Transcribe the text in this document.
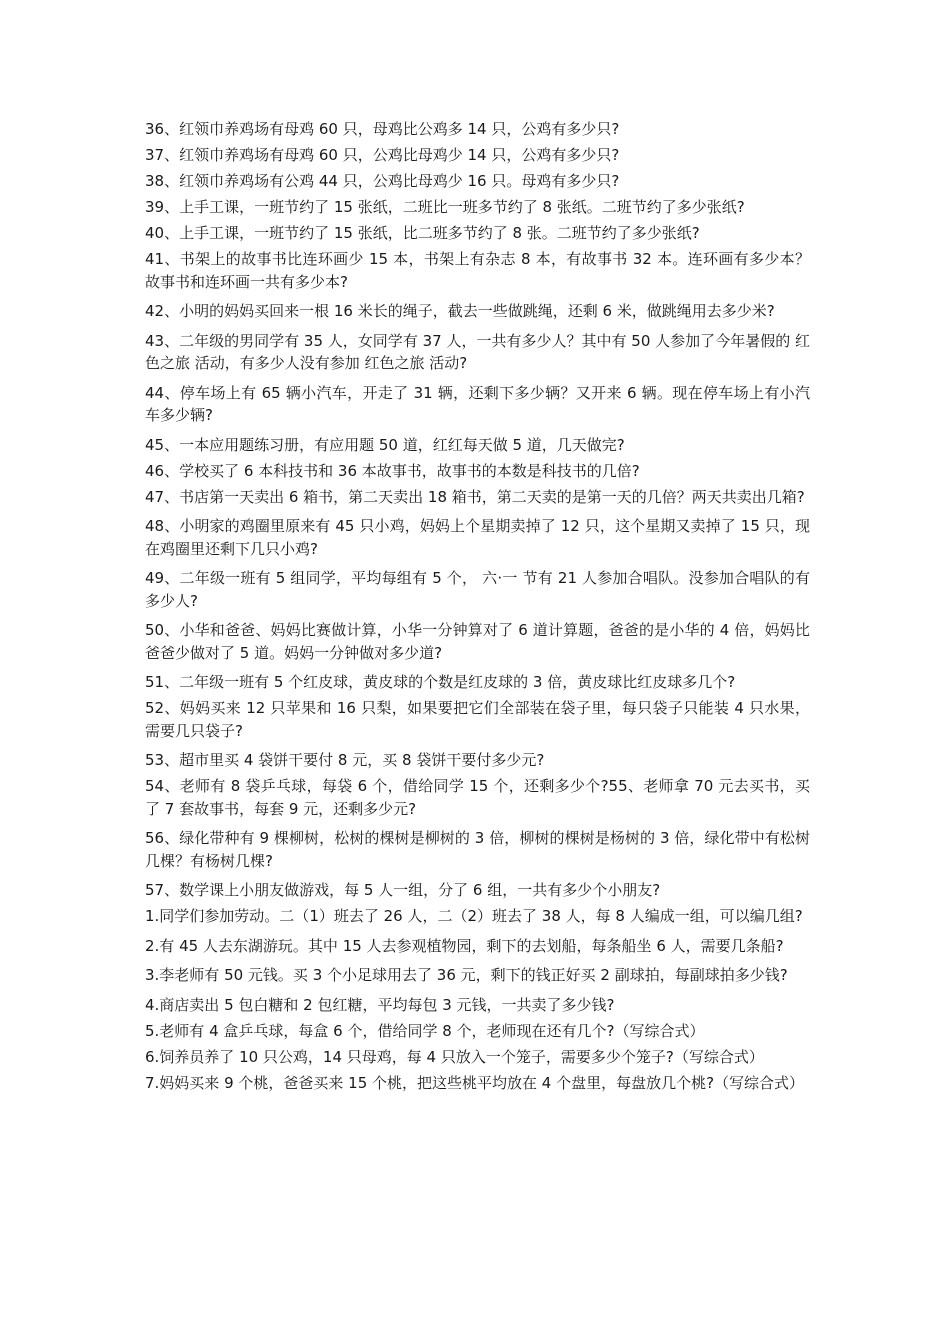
36、红领巾养鸡场有母鸡 60 只，母鸡比公鸡多 14 只，公鸡有多少只?

37、红领巾养鸡场有母鸡 60 只，公鸡比母鸡少 14 只，公鸡有多少只?

38、红领巾养鸡场有公鸡 44 只，公鸡比母鸡少 16 只。母鸡有多少只?

39、上手工课，一班节约了 15 张纸，二班比一班多节约了 8 张纸。二班节约了多少张纸?

40、上手工课，一班节约了 15 张纸，比二班多节约了 8 张。二班节约了多少张纸?

41、书架上的故事书比连环画少 15 本，书架上有杂志 8 本，有故事书 32 本。连环画有多少本？故事书和连环画一共有多少本?

42、小明的妈妈买回来一根 16 米长的绳子，截去一些做跳绳，还剩 6 米，做跳绳用去多少米?

43、二年级的男同学有 35 人，女同学有 37 人，一共有多少人？其中有 50 人参加了今年暑假的 红色之旅 活动，有多少人没有参加 红色之旅 活动?

44、停车场上有 65 辆小汽车，开走了 31 辆，还剩下多少辆？又开来 6 辆。现在停车场上有小汽车多少辆?

45、一本应用题练习册，有应用题 50 道，红红每天做 5 道，几天做完?

46、学校买了 6 本科技书和 36 本故事书，故事书的本数是科技书的几倍?

47、书店第一天卖出 6 箱书，第二天卖出 18 箱书，第二天卖的是第一天的几倍？两天共卖出几箱?

48、小明家的鸡圈里原来有 45 只小鸡，妈妈上个星期卖掉了 12 只，这个星期又卖掉了 15 只，现在鸡圈里还剩下几只小鸡?

49、二年级一班有 5 组同学，平均每组有 5 个， 六·一 节有 21 人参加合唱队。没参加合唱队的有多少人?

50、小华和爸爸、妈妈比赛做计算，小华一分钟算对了 6 道计算题，爸爸的是小华的 4 倍，妈妈比爸爸少做对了 5 道。妈妈一分钟做对多少道?

51、二年级一班有 5 个红皮球，黄皮球的个数是红皮球的 3 倍，黄皮球比红皮球多几个?

52、妈妈买来 12 只苹果和 16 只梨，如果要把它们全部装在袋子里，每只袋子只能装 4 只水果，需要几只袋子?

53、超市里买 4 袋饼干要付 8 元，买 8 袋饼干要付多少元?

54、老师有 8 袋乒乓球，每袋 6 个，借给同学 15 个，还剩多少个?55、老师拿 70 元去买书，买了 7 套故事书，每套 9 元，还剩多少元?

56、绿化带种有 9 棵柳树，松树的棵树是柳树的 3 倍，柳树的棵树是杨树的 3 倍，绿化带中有松树几棵？有杨树几棵?

57、数学课上小朋友做游戏，每 5 人一组，分了 6 组，一共有多少个小朋友?

1.同学们参加劳动。二（1）班去了 26 人，二（2）班去了 38 人，每 8 人编成一组，可以编几组?

2.有 45 人去东湖游玩。其中 15 人去参观植物园，剩下的去划船，每条船坐 6 人，需要几条船?

3.李老师有 50 元钱。买 3 个小足球用去了 36 元，剩下的钱正好买 2 副球拍，每副球拍多少钱?

4.商店卖出 5 包白糖和 2 包红糖，平均每包 3 元钱，一共卖了多少钱?

5.老师有 4 盒乒乓球，每盒 6 个，借给同学 8 个，老师现在还有几个?（写综合式）

6.饲养员养了 10 只公鸡，14 只母鸡，每 4 只放入一个笼子，需要多少个笼子?（写综合式）

7.妈妈买来 9 个桃，爸爸买来 15 个桃，把这些桃平均放在 4 个盘里，每盘放几个桃?（写综合式）
